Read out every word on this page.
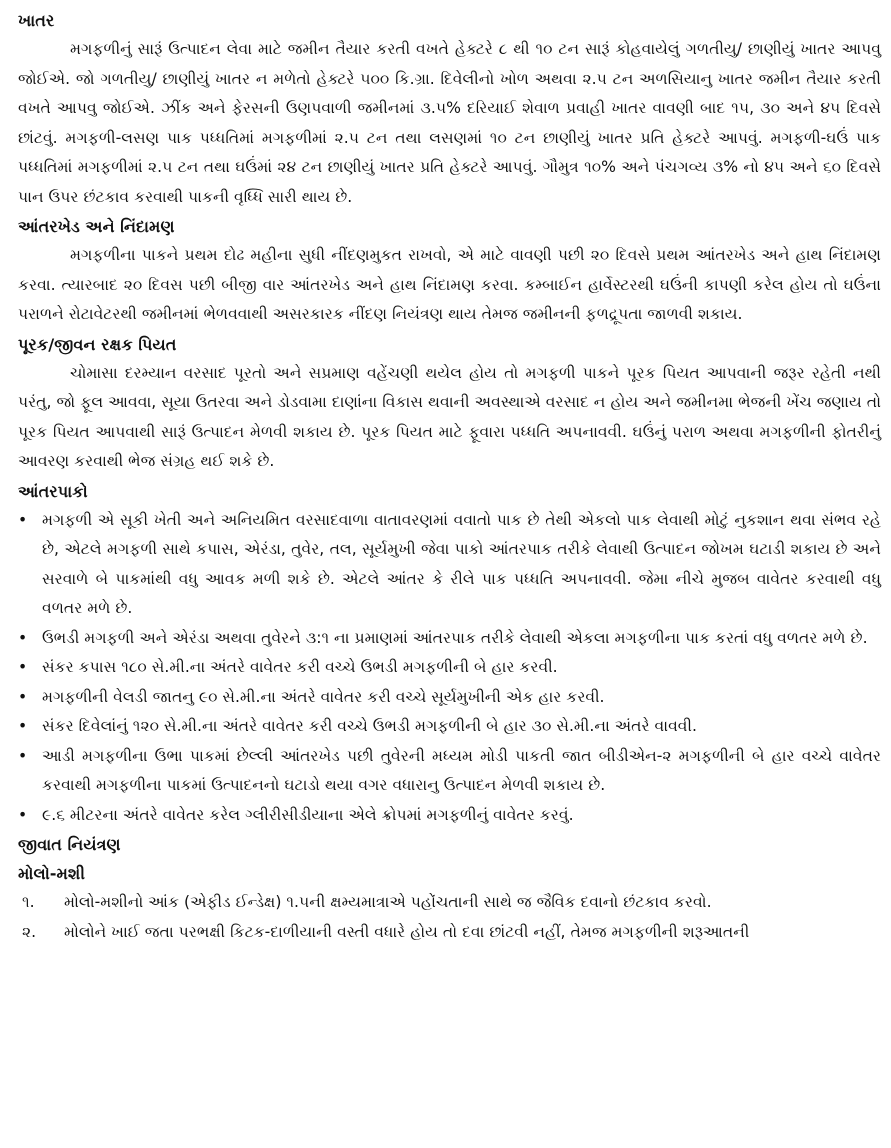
ખાતર

મગફળીનું સારૂં ઉત્પાદન લેવા માટે જમીન તૈયાર કરતી વખતે હેક્ટરે ૮ થી ૧૦ ટન સારૂં કોહવાયેલું ગળતીયુ/ છાણીયું ખાતર આપવુ જોઈએ. જો ગળતીયુ/ છાણીયું ખાતર ન મળેતો હેક્ટરે ૫૦૦ કિ.ગ્રા. દિવેલીનો ખોળ અથવા ૨.૫ ટન અળસિયાનુ ખાતર જમીન તૈયાર કરતી વખતે આપવુ જોઈએ. ઝીંક અને ફેરસની ઉણપવાળી જમીનમાં ૩.૫% દરિયાઈ શેવાળ પ્રવાહી ખાતર વાવણી બાદ ૧૫, ૩૦ અને ૪૫ દિવસે છાંટવું. મગફળી-લસણ પાક પધ્ધતિમાં મગફળીમાં ૨.૫ ટન તથા લસણમાં ૧૦ ટન છાણીયું ખાતર પ્રતિ હેક્ટરે આપવું. મગફળી-ઘઉં પાક પધ્ધતિમાં મગફળીમાં ૨.૫ ટન તથા ઘઉંમાં ૨૪ ટન છાણીયું ખાતર પ્રતિ હેક્ટરે આપવું. ગૌમુત્ર ૧૦% અને પંચગવ્ય ૩% નો ૪૫ અને ૬૦ દિવસે પાન ઉપર છંટકાવ કરવાથી પાકની વૃધ્ધિ સારી થાય છે.

આંતરખેડ અને નિંદામણ

મગફળીના પાકને પ્રથમ દોઢ મહીના સુધી નીંદણમુકત રાખવો, એ માટે વાવણી પછી ૨૦ દિવસે પ્રથમ આંતરખેડ અને હાથ નિંદામણ કરવા. ત્યારબાદ ૨૦ દિવસ પછી બીજી વાર આંતરખેડ અને હાથ નિંદામણ કરવા. કમ્બાઈન હાર્વેસ્ટરથી ઘઉંની કાપણી કરેલ હોય તો ઘઉંના પરાળને રોટાવેટરથી જમીનમાં ભેળવવાથી અસરકારક નીંદણ નિયંત્રણ થાય તેમજ જમીનની ફળદ્રૂપતા જાળવી શકાય.

પૂરક/જીવન રક્ષક પિયત

ચોમાસા દરમ્યાન વરસાદ પૂરતો અને સપ્રમાણ વહેંચણી થયેલ હોય તો મગફળી પાકને પૂરક પિયત આપવાની જરૂર રહેતી નથી પરંતુ, જો ફૂલ આવવા, સૂયા ઉતરવા અને ડોડવામા દાણાંના વિકાસ થવાની અવસ્થાએ વરસાદ ન હોય અને જમીનમા ભેજની ખેંચ જણાય તો પૂરક પિયત આપવાથી સારૂં ઉત્પાદન મેળવી શકાય છે. પૂરક પિયત માટે ફૂવારા પધ્ધતિ અપનાવવી. ઘઉંનું પરાળ અથવા મગફળીની ફોતરીનું આવરણ કરવાથી ભેજ સંગ્રહ થઈ શકે છે.

આંતરપાકો
• મગફળી એ સૂકી ખેતી અને અનિયમિત વરસાદવાળા વાતાવરણમાં વવાતો પાક છે તેથી એકલો પાક લેવાથી મોટું નુકશાન થવા સંભવ રહે છે, એટલે મગફળી સાથે કપાસ, એરંડા, તુવેર, તલ, સૂર્યમુખી જેવા પાકો આંતરપાક તરીકે લેવાથી ઉત્પાદન જોખમ ઘટાડી શકાય છે અને સરવાળે બે પાકમાંથી વધુ આવક મળી શકે છે. એટલે આંતર કે રીલે પાક પધ્ધતિ અપનાવવી. જેમા નીચે મુજબ વાવેતર કરવાથી વધુ વળતર મળે છે.
• ઉભડી મગફળી અને એરંડા અથવા તુવેરને ૩:૧ ના પ્રમાણમાં આંતરપાક તરીકે લેવાથી એકલા મગફળીના પાક કરતાં વધુ વળતર મળે છે.
• સંકર કપાસ ૧૮૦ સે.મી.ના અંતરે વાવેતર કરી વચ્ચે ઉભડી મગફળીની બે હાર કરવી.
• મગફળીની વેલડી જાતનુ ૯૦ સે.મી.ના અંતરે વાવેતર કરી વચ્ચે સૂર્યમુખીની એક હાર કરવી.
• સંકર દિવેલાંનું ૧૨૦ સે.મી.ના અંતરે વાવેતર કરી વચ્ચે ઉભડી મગફળીની બે હાર ૩૦ સે.મી.ના અંતરે વાવવી.
• આડી મગફળીના ઉભા પાકમાં છેલ્લી આંતરખેડ પછી તુવેરની મધ્યમ મોડી પાકતી જાત બીડીએન-૨ મગફળીની બે હાર વચ્ચે વાવેતર કરવાથી મગફળીના પાકમાં ઉત્પાદનનો ઘટાડો થયા વગર વધારાનુ ઉત્પાદન મેળવી શકાય છે.
• ૯.૬ મીટરના અંતરે વાવેતર કરેલ ગ્લીરીસીડીયાના એલે ક્રોપમાં મગફળીનું વાવેતર કરવું.
જીવાત નિયંત્રણ
મોલો-મશી
૧. મોલો-મશીનો આંક (એફીડ ઈન્ડેક્ષ) ૧.૫ની ક્ષમ્યમાત્રાએ પહોંચતાની સાથે જ જૈવિક દવાનો છંટકાવ કરવો.
૨. મોલોને ખાઈ જતા પરભક્ષી કિટક-દાળીયાની વસ્તી વધારે હોય તો દવા છાંટવી નહીં, તેમજ મગફળીની શરૂઆતની
